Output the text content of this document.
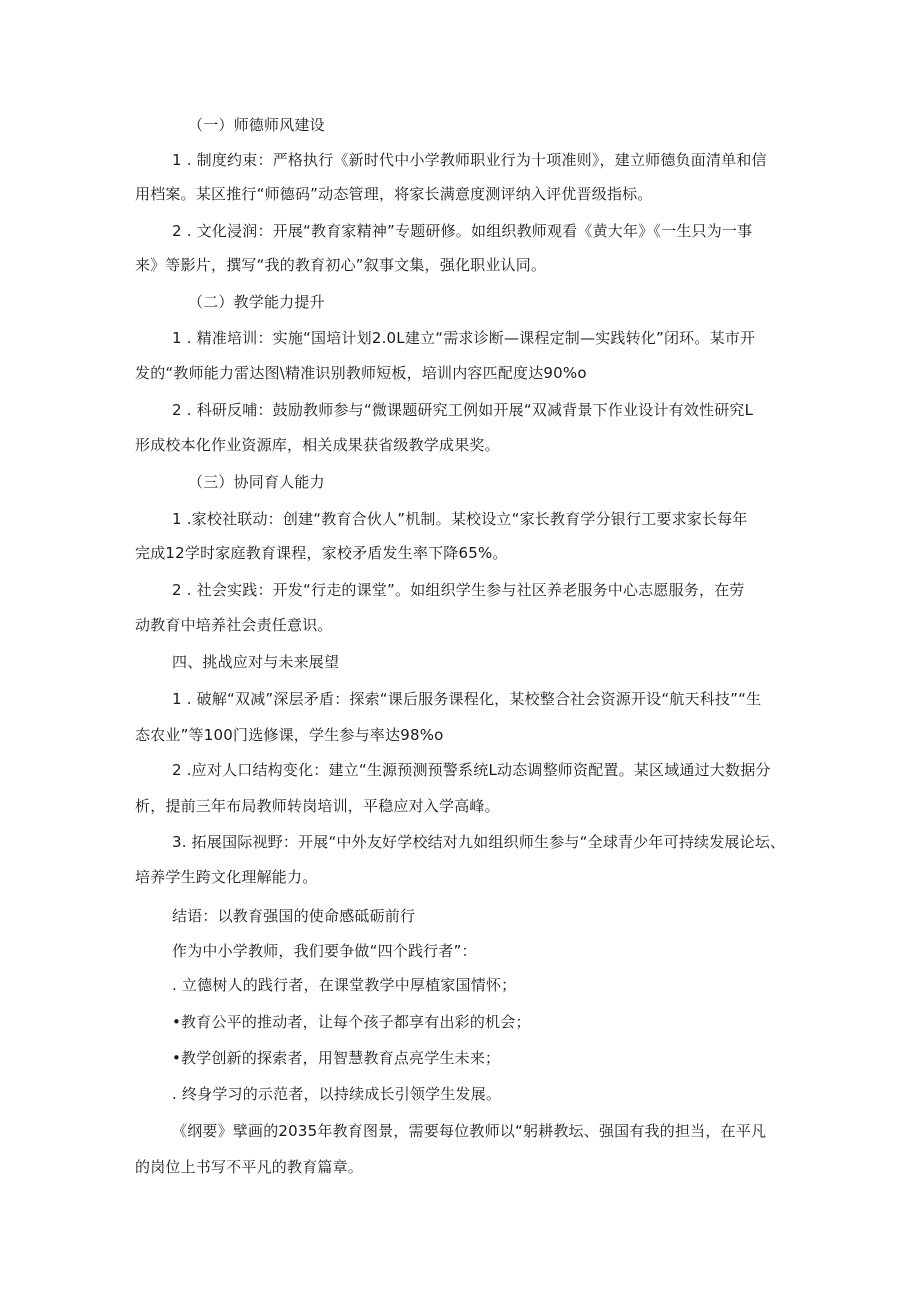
（一）师德师风建设

1 . 制度约束：严格执行《新时代中小学教师职业行为十项准则》，建立师德负面清单和信

用档案。某区推行“师德码”动态管理，将家长满意度测评纳入评优晋级指标。

2 . 文化浸润：开展“教育家精神”专题研修。如组织教师观看《黄大年》《一生只为一事

来》等影片，撰写“我的教育初心”叙事文集，强化职业认同。

（二）教学能力提升

1 . 精准培训：实施“国培计划2.0L建立“需求诊断—课程定制—实践转化”闭环。某市开

发的“教师能力雷达图\精准识别教师短板，培训内容匹配度达90%o

2 . 科研反哺：鼓励教师参与“微课题研究工例如开展“双减背景下作业设计有效性研究L

形成校本化作业资源库，相关成果获省级教学成果奖。

（三）协同育人能力

1 .家校社联动：创建“教育合伙人”机制。某校设立“家长教育学分银行工要求家长每年

完成12学时家庭教育课程，家校矛盾发生率下降65%。

2 . 社会实践：开发“行走的课堂”。如组织学生参与社区养老服务中心志愿服务，在劳

动教育中培养社会责任意识。

四、挑战应对与未来展望

1 . 破解“双减”深层矛盾：探索“课后服务课程化，某校整合社会资源开设“航天科技”“生

态农业”等100门选修课，学生参与率达98%o

2 .应对人口结构变化：建立“生源预测预警系统L动态调整师资配置。某区域通过大数据分

析，提前三年布局教师转岗培训，平稳应对入学高峰。

3. 拓展国际视野：开展“中外友好学校结对九如组织师生参与“全球青少年可持续发展论坛、

培养学生跨文化理解能力。

结语：以教育强国的使命感砥砺前行

作为中小学教师，我们要争做“四个践行者”：

. 立德树人的践行者，在课堂教学中厚植家国情怀；

•教育公平的推动者，让每个孩子都享有出彩的机会；

•教学创新的探索者，用智慧教育点亮学生未来；

. 终身学习的示范者，以持续成长引领学生发展。

《纲要》擘画的2035年教育图景，需要每位教师以“躬耕教坛、强国有我的担当，在平凡

的岗位上书写不平凡的教育篇章。
